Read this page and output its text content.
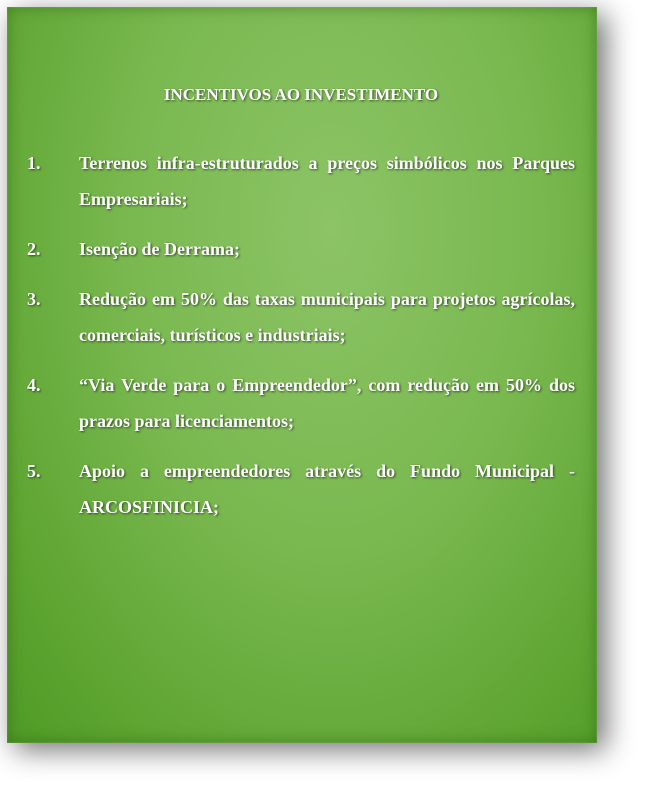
INCENTIVOS AO INVESTIMENTO
1.	Terrenos infra-estruturados a preços simbólicos nos Parques Empresariais;
2.	Isenção de Derrama;
3.	Redução em 50% das taxas municipais para projetos agrícolas, comerciais, turísticos e industriais;
4.	“Via Verde para o Empreendedor”, com redução em 50% dos prazos para licenciamentos;
5.	Apoio a empreendedores através do Fundo Municipal - ARCOSFINICIA;
